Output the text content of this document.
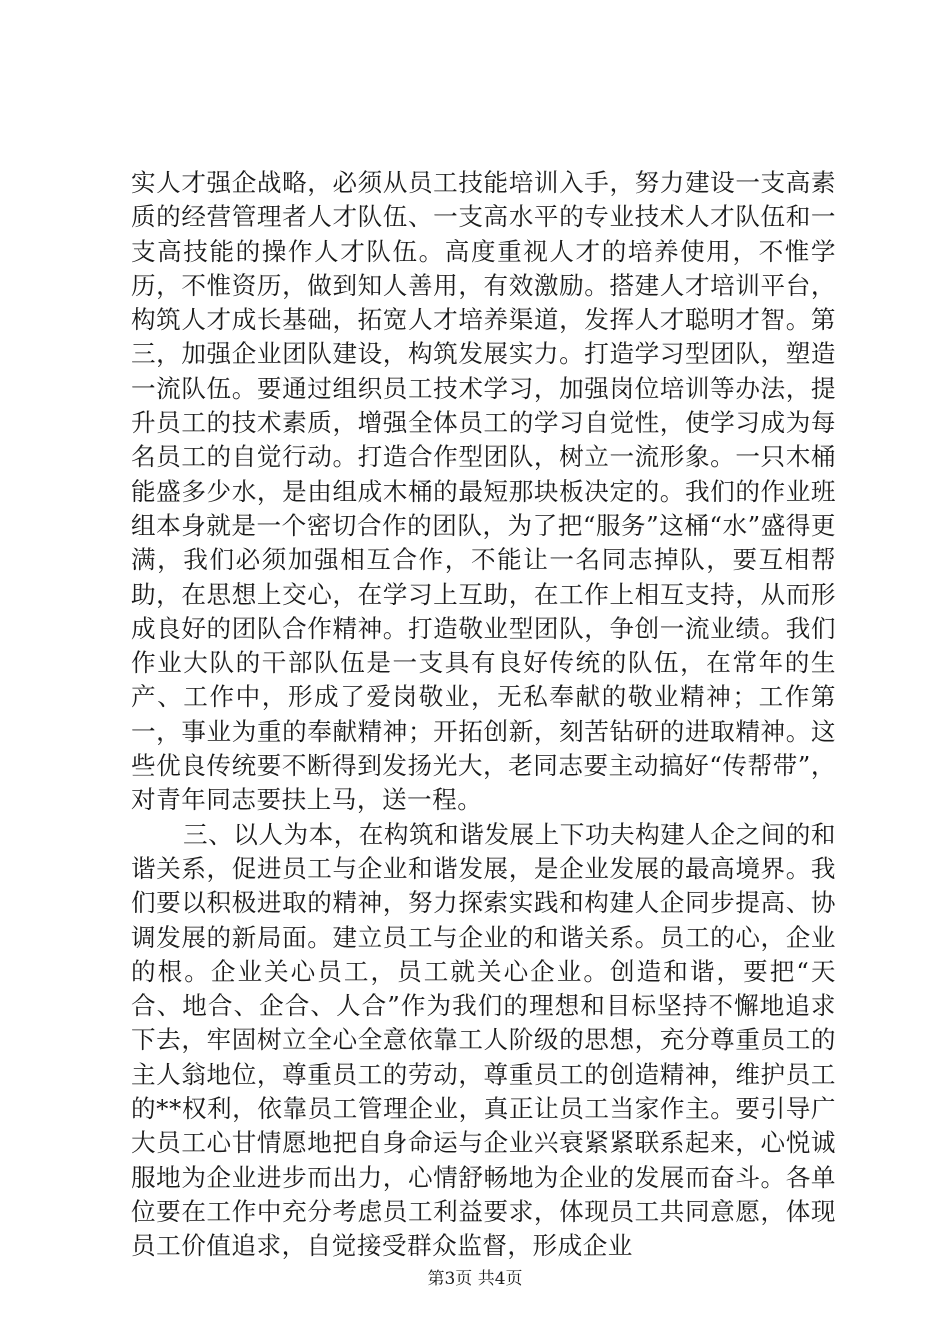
实人才强企战略，必须从员工技能培训入手，努力建设一支高素质的经营管理者人才队伍、一支高水平的专业技术人才队伍和一支高技能的操作人才队伍。高度重视人才的培养使用，不惟学历，不惟资历，做到知人善用，有效激励。搭建人才培训平台，构筑人才成长基础，拓宽人才培养渠道，发挥人才聪明才智。第三，加强企业团队建设，构筑发展实力。打造学习型团队，塑造一流队伍。要通过组织员工技术学习，加强岗位培训等办法，提升员工的技术素质，增强全体员工的学习自觉性，使学习成为每名员工的自觉行动。打造合作型团队，树立一流形象。一只木桶能盛多少水，是由组成木桶的最短那块板决定的。我们的作业班组本身就是一个密切合作的团队，为了把“服务”这桶“水”盛得更满，我们必须加强相互合作，不能让一名同志掉队，要互相帮助，在思想上交心，在学习上互助，在工作上相互支持，从而形成良好的团队合作精神。打造敬业型团队，争创一流业绩。我们作业大队的干部队伍是一支具有良好传统的队伍，在常年的生产、工作中，形成了爱岗敬业，无私奉献的敬业精神；工作第一，事业为重的奉献精神；开拓创新，刻苦钻研的进取精神。这些优良传统要不断得到发扬光大，老同志要主动搞好“传帮带”，对青年同志要扶上马，送一程。

三、以人为本，在构筑和谐发展上下功夫构建人企之间的和谐关系，促进员工与企业和谐发展，是企业发展的最高境界。我们要以积极进取的精神，努力探索实践和构建人企同步提高、协调发展的新局面。建立员工与企业的和谐关系。员工的心，企业的根。企业关心员工，员工就关心企业。创造和谐，要把“天合、地合、企合、人合”作为我们的理想和目标坚持不懈地追求下去，牢固树立全心全意依靠工人阶级的思想，充分尊重员工的主人翁地位，尊重员工的劳动，尊重员工的创造精神，维护员工的**权利，依靠员工管理企业，真正让员工当家作主。要引导广大员工心甘情愿地把自身命运与企业兴衰紧紧联系起来，心悦诚服地为企业进步而出力，心情舒畅地为企业的发展而奋斗。各单位要在工作中充分考虑员工利益要求，体现员工共同意愿，体现员工价值追求，自觉接受群众监督，形成企业

第3页 共4页
